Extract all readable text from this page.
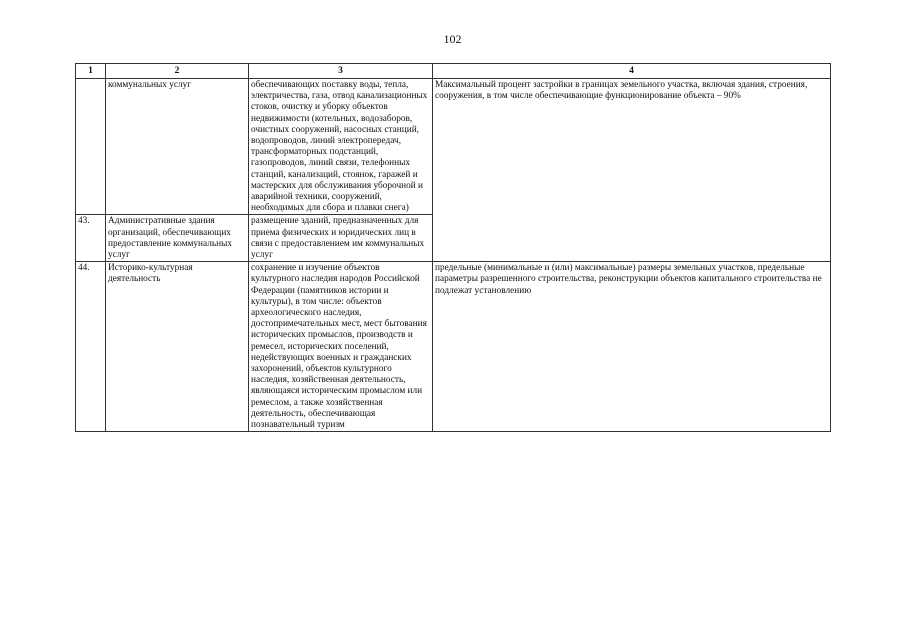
102
1	2	3	4
	коммунальных услуг	обеспечивающих поставку воды, тепла, электричества, газа, отвод канализационных стоков, очистку и уборку объектов недвижимости (котельных, водозаборов, очистных сооружений, насосных станций, водопроводов, линий электропередач, трансформаторных подстанций, газопроводов, линий связи, телефонных станций, канализаций, стоянок, гаражей и мастерских для обслуживания уборочной и аварийной техники, сооружений, необходимых для сбора и плавки снега)	Максимальный процент застройки в границах земельного участка, включая здания, строения, сооружения, в том числе обеспечивающие функционирование объекта – 90%
43.	Административные здания организаций, обеспечивающих предоставление коммунальных услуг	размещение зданий, предназначенных для приема физических и юридических лиц в связи с предоставлением им коммунальных услуг	
44.	Историко-культурная деятельность	сохранение и изучение объектов культурного наследия народов Российской Федерации (памятников истории и культуры), в том числе: объектов археологического наследия, достопримечательных мест, мест бытования исторических промыслов, производств и ремесел, исторических поселений, недействующих военных и гражданских захоронений, объектов культурного наследия, хозяйственная деятельность, являющаяся историческим промыслом или ремеслом, а также хозяйственная деятельность, обеспечивающая познавательный туризм	предельные (минимальные и (или) максимальные) размеры земельных участков, предельные параметры разрешенного строительства, реконструкции объектов капитального строительства не подлежат установлению
